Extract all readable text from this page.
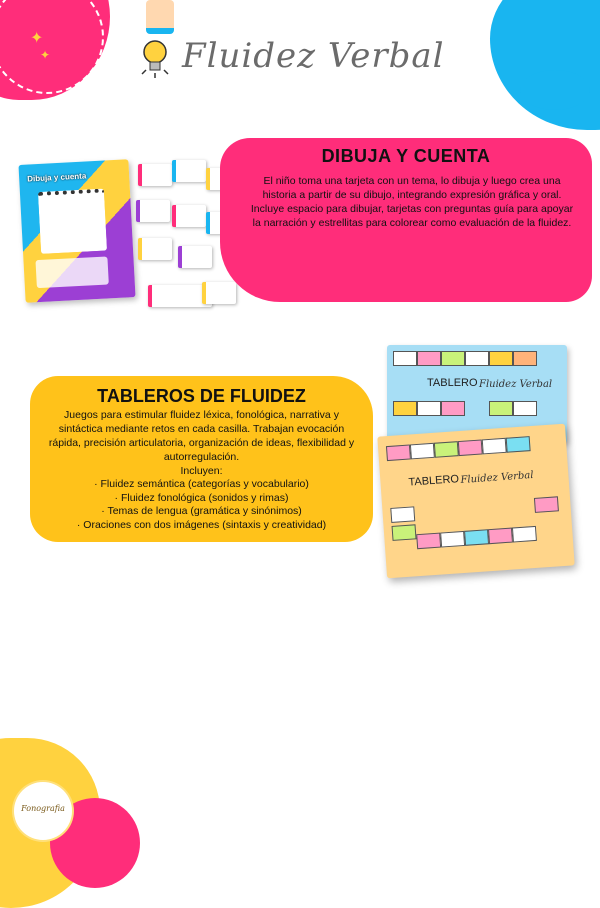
✦
✦	Fluidez Verbal
Dibuja y cuenta
DIBUJA Y CUENTA

El niño toma una tarjeta con un tema, lo dibuja y luego crea una historia a partir de su dibujo, integrando expresión gráfica y oral. Incluye espacio para dibujar, tarjetas con preguntas guía para apoyar la narración y estrellitas para colorear como evaluación de la fluidez.

TABLEROS DE FLUIDEZ

Juegos para estimular fluidez léxica, fonológica, narrativa y sintáctica mediante retos en cada casilla. Trabajan evocación rápida, precisión articulatoria, organización de ideas, flexibilidad y autorregulación.
Incluyen:

· Fluidez semántica (categorías y vocabulario)
· Fluidez fonológica (sonidos y rimas)
· Temas de lengua (gramática y sinónimos)
· Oraciones con dos imágenes (sintaxis y creatividad)
TABLERO Fluidez Verbal
TABLERO Fluidez Verbal
Fonografia
